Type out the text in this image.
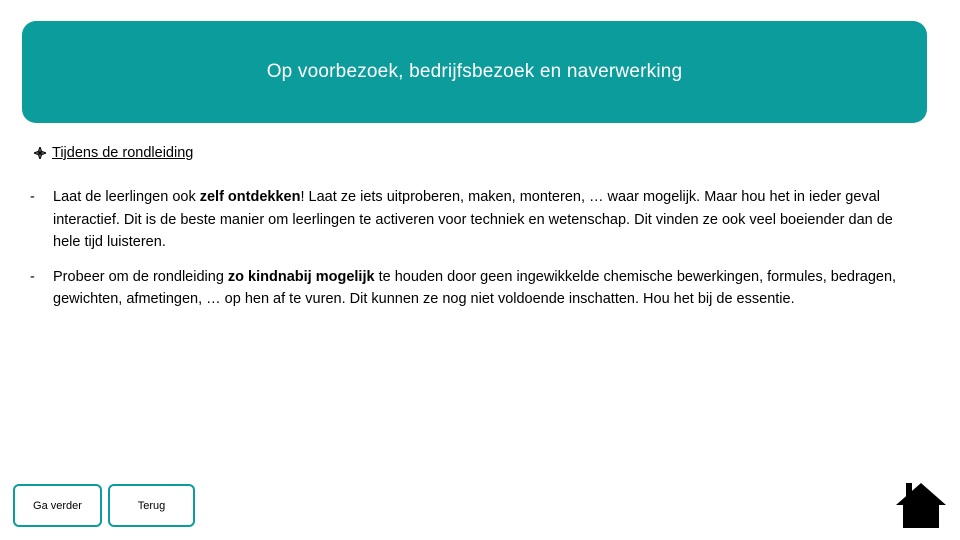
Op voorbezoek, bedrijfsbezoek en naverwerking
Tijdens de rondleiding
-	Laat de leerlingen ook zelf ontdekken! Laat ze iets uitproberen, maken, monteren, … waar mogelijk. Maar hou het in ieder geval interactief. Dit is de beste manier om leerlingen te activeren voor techniek en wetenschap. Dit vinden ze ook veel boeiender dan de hele tijd luisteren.
-	Probeer om de rondleiding zo kindnabij mogelijk te houden door geen ingewikkelde chemische bewerkingen, formules, bedragen, gewichten, afmetingen, … op hen af te vuren. Dit kunnen ze nog niet voldoende inschatten. Hou het bij de essentie.
Ga verder	Terug
